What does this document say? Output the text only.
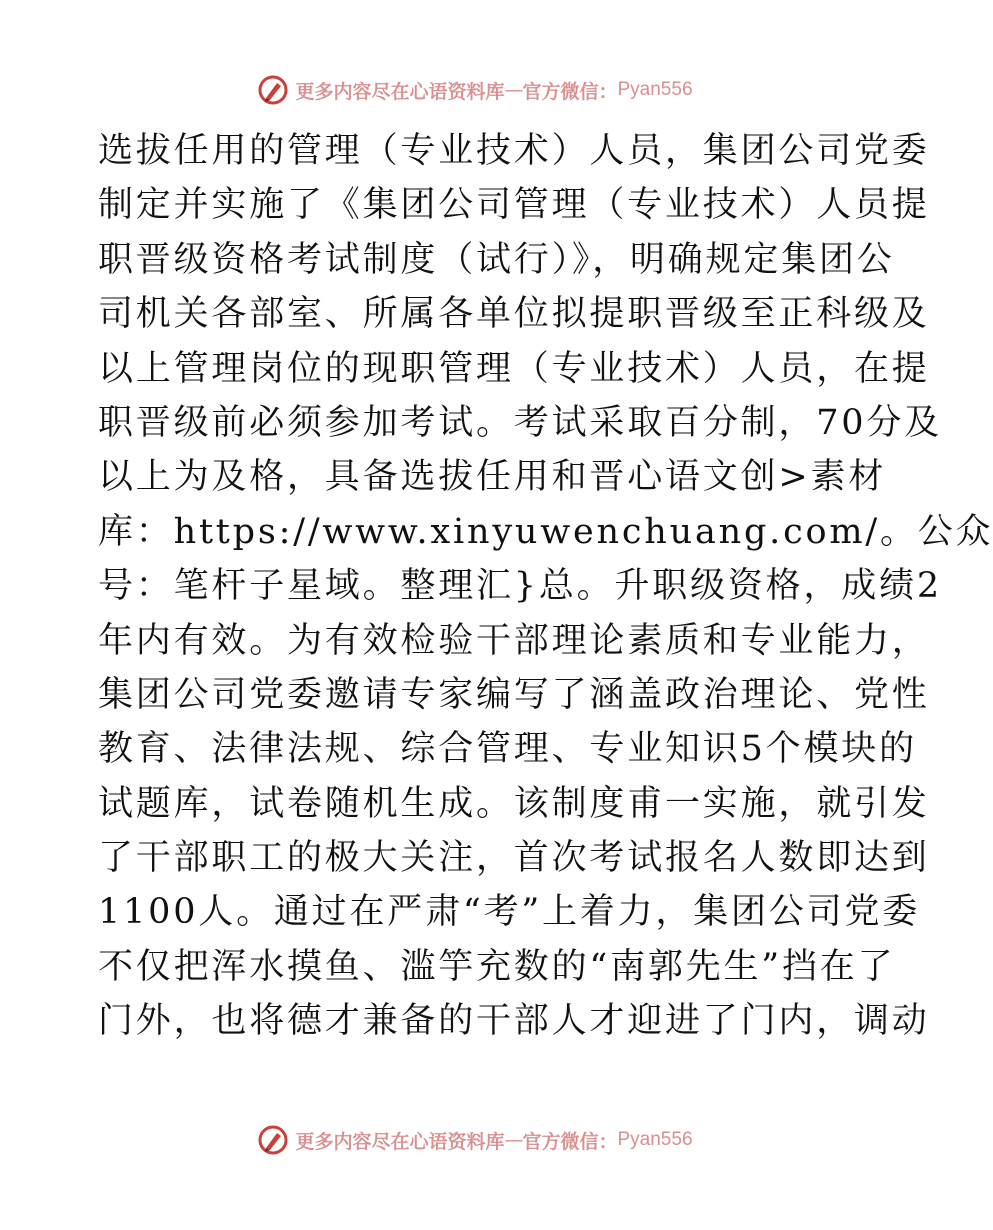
更多内容尽在心语资料库 — 官方微信： Pyan556
选拔任用的管理（专业技术）人员，集团公司党委
制定并实施了《集团公司管理（专业技术）人员提
职晋级资格考试制度（试行）》，明确规定集团公
司机关各部室、所属各单位拟提职晋级至正科级及
以上管理岗位的现职管理（专业技术）人员，在提
职晋级前必须参加考试。考试采取百分制，70分及
以上为及格，具备选拔任用和晋心语文创>素材
库：https://www.xinyuwenchuang.com/。公众
号：笔杆子星域。整理汇}总。升职级资格，成绩2
年内有效。为有效检验干部理论素质和专业能力，
集团公司党委邀请专家编写了涵盖政治理论、党性
教育、法律法规、综合管理、专业知识5个模块的
试题库，试卷随机生成。该制度甫一实施，就引发
了干部职工的极大关注，首次考试报名人数即达到
1100人。通过在严肃“考”上着力，集团公司党委
不仅把浑水摸鱼、滥竽充数的“南郭先生”挡在了
门外，也将德才兼备的干部人才迎进了门内，调动
更多内容尽在心语资料库 — 官方微信： Pyan556
